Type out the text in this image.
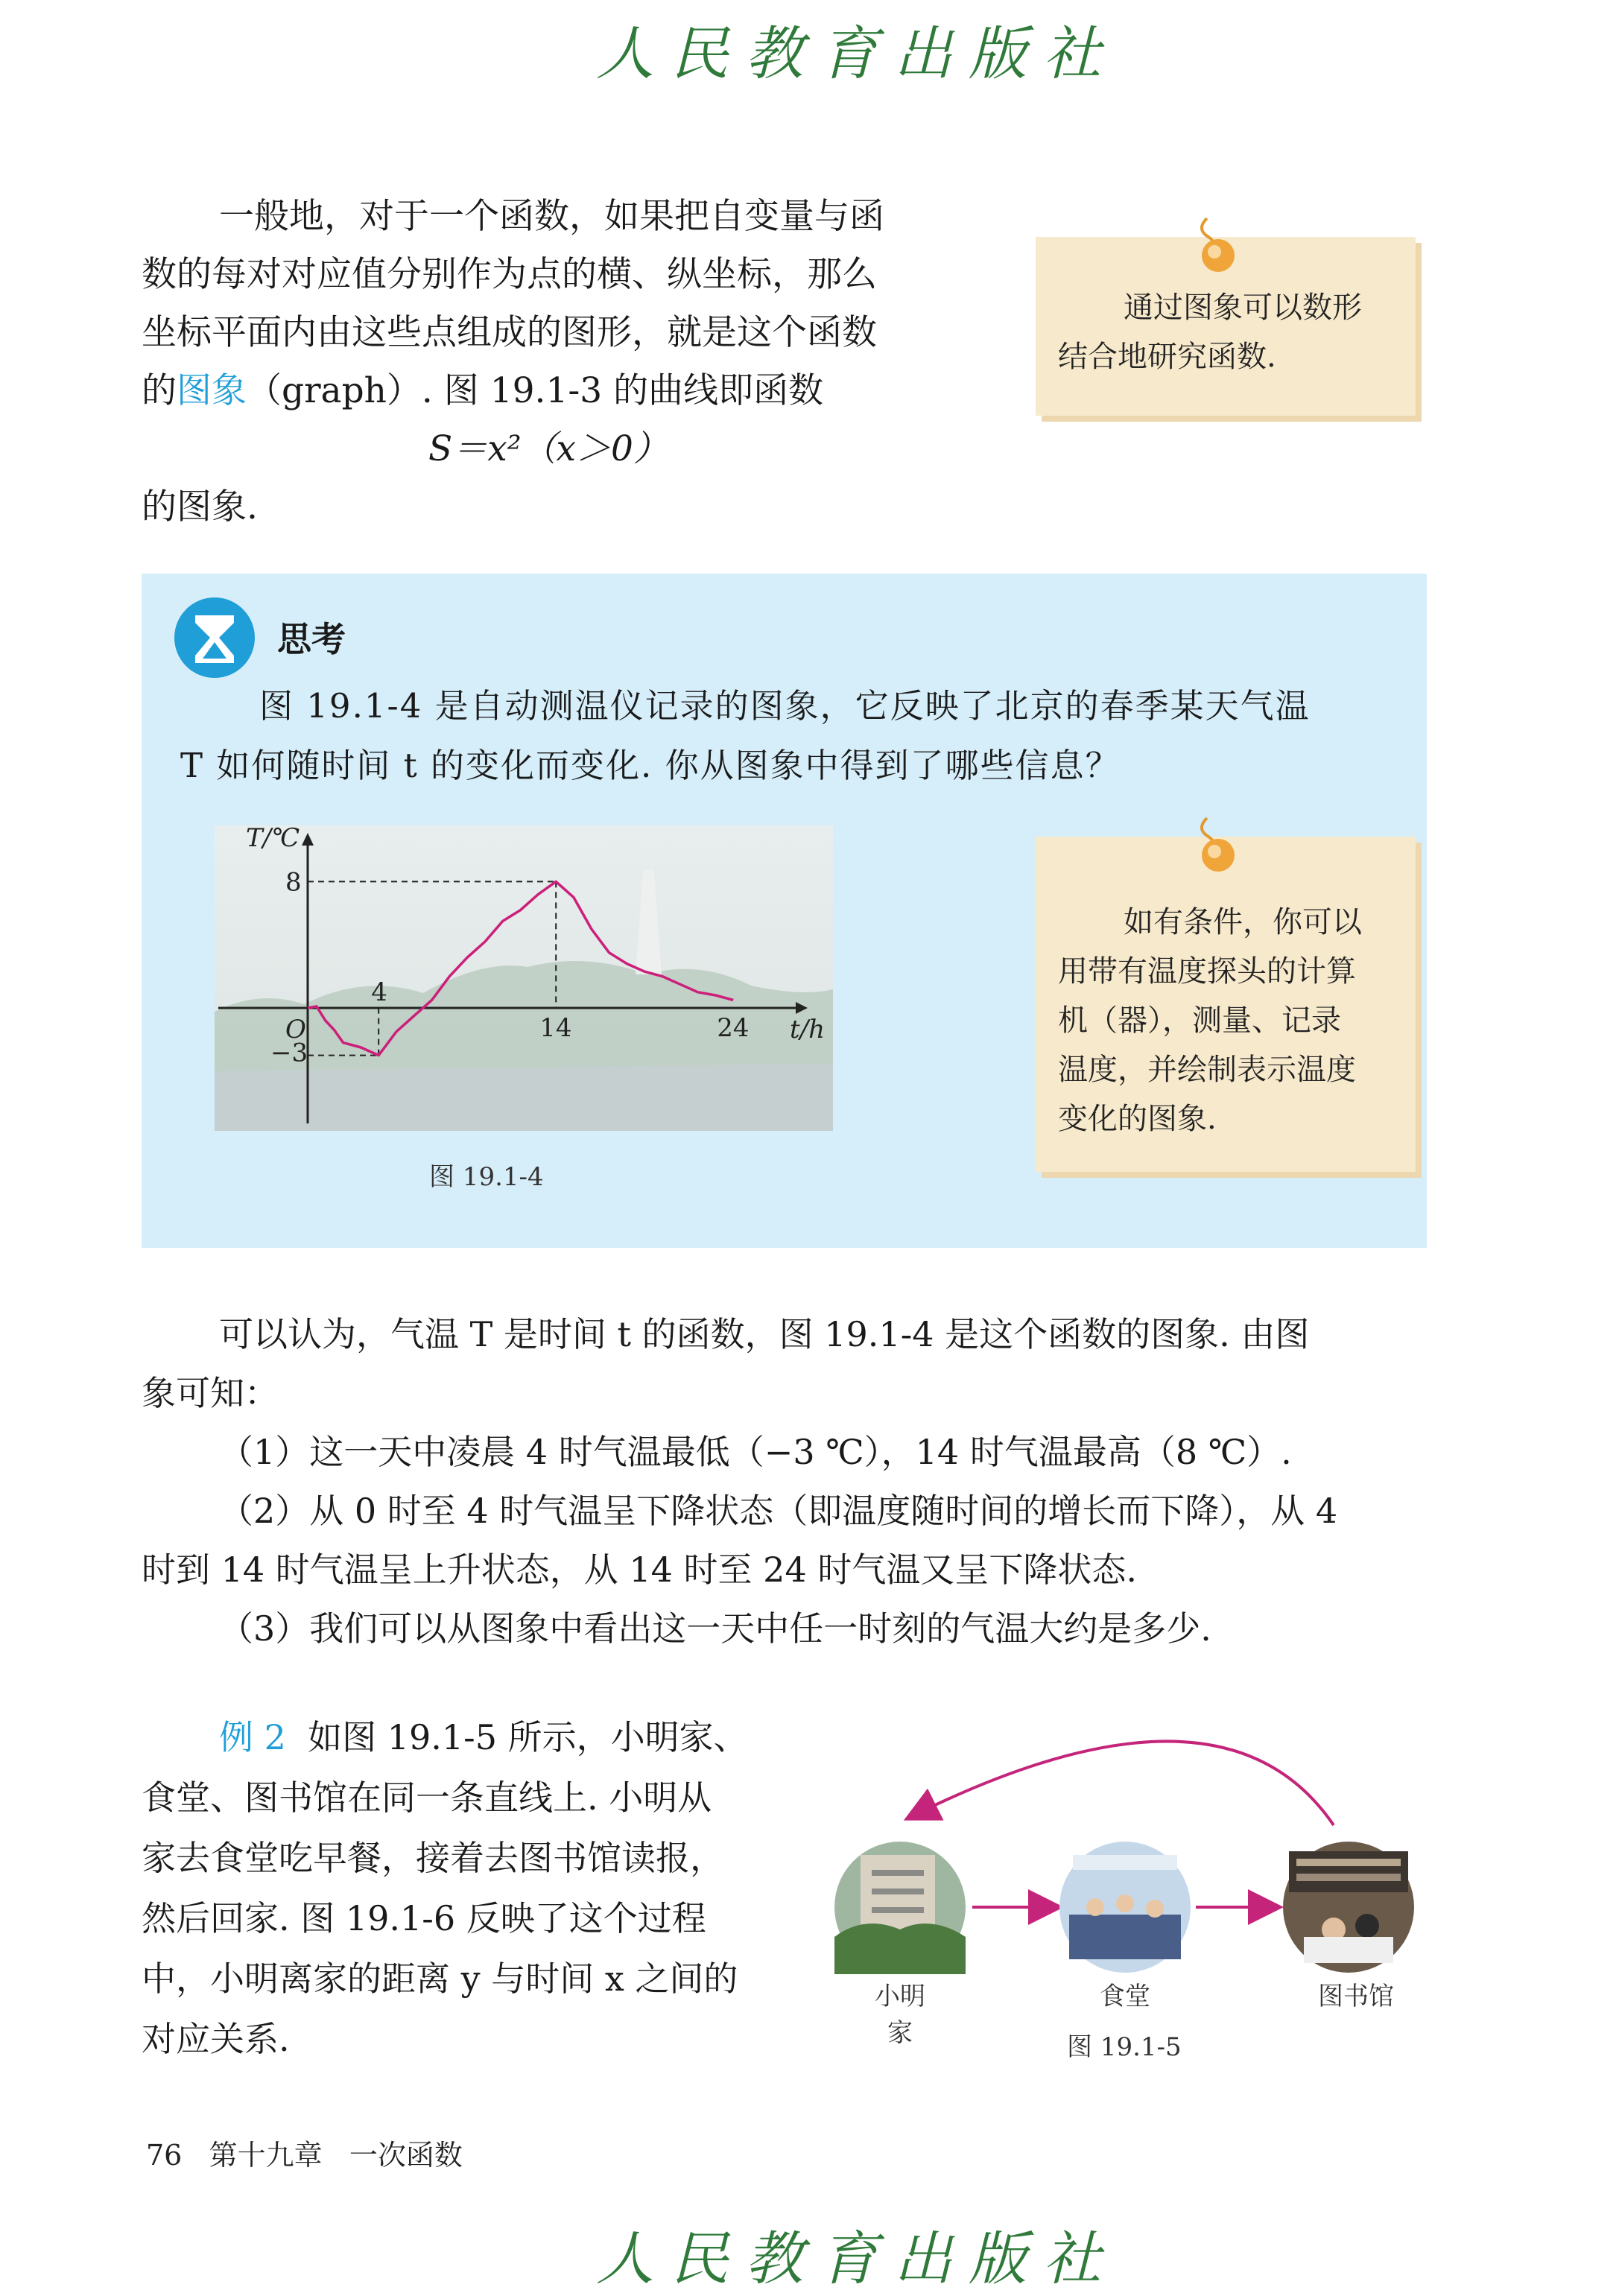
人民教育出版社

一般地，对于一个函数，如果把自变量与函

数的每对对应值分别作为点的横、纵坐标，那么

坐标平面内由这些点组成的图形，就是这个函数

的图象（graph）. 图 19.1-3 的曲线即函数

S＝x²（x＞0）

的图象.

通过图象可以数形
结合地研究函数.
思考
图 19.1-4 是自动测温仪记录的图象，它反映了北京的春季某天气温
T 如何随时间 t 的变化而变化. 你从图象中得到了哪些信息？
O
4
14	24
8
−3
t/h
T/℃
图 19.1-4
如有条件，你可以
用带有温度探头的计算
机（器），测量、记录
温度，并绘制表示温度
变化的图象.

可以认为，气温 T 是时间 t 的函数，图 19.1-4 是这个函数的图象. 由图

象可知：

（1）这一天中凌晨 4 时气温最低（−3 ℃），14 时气温最高（8 ℃）.

（2）从 0 时至 4 时气温呈下降状态（即温度随时间的增长而下降），从 4

时到 14 时气温呈上升状态，从 14 时至 24 时气温又呈下降状态.

（3）我们可以从图象中看出这一天中任一时刻的气温大约是多少.

例 2 如图 19.1-5 所示，小明家、

食堂、图书馆在同一条直线上. 小明从

家去食堂吃早餐，接着去图书馆读报，

然后回家. 图 19.1-6 反映了这个过程

中，小明离家的距离 y 与时间 x 之间的

对应关系.

小明家
食堂	图书馆
图 19.1-5
76 第十九章 一次函数
人民教育出版社
